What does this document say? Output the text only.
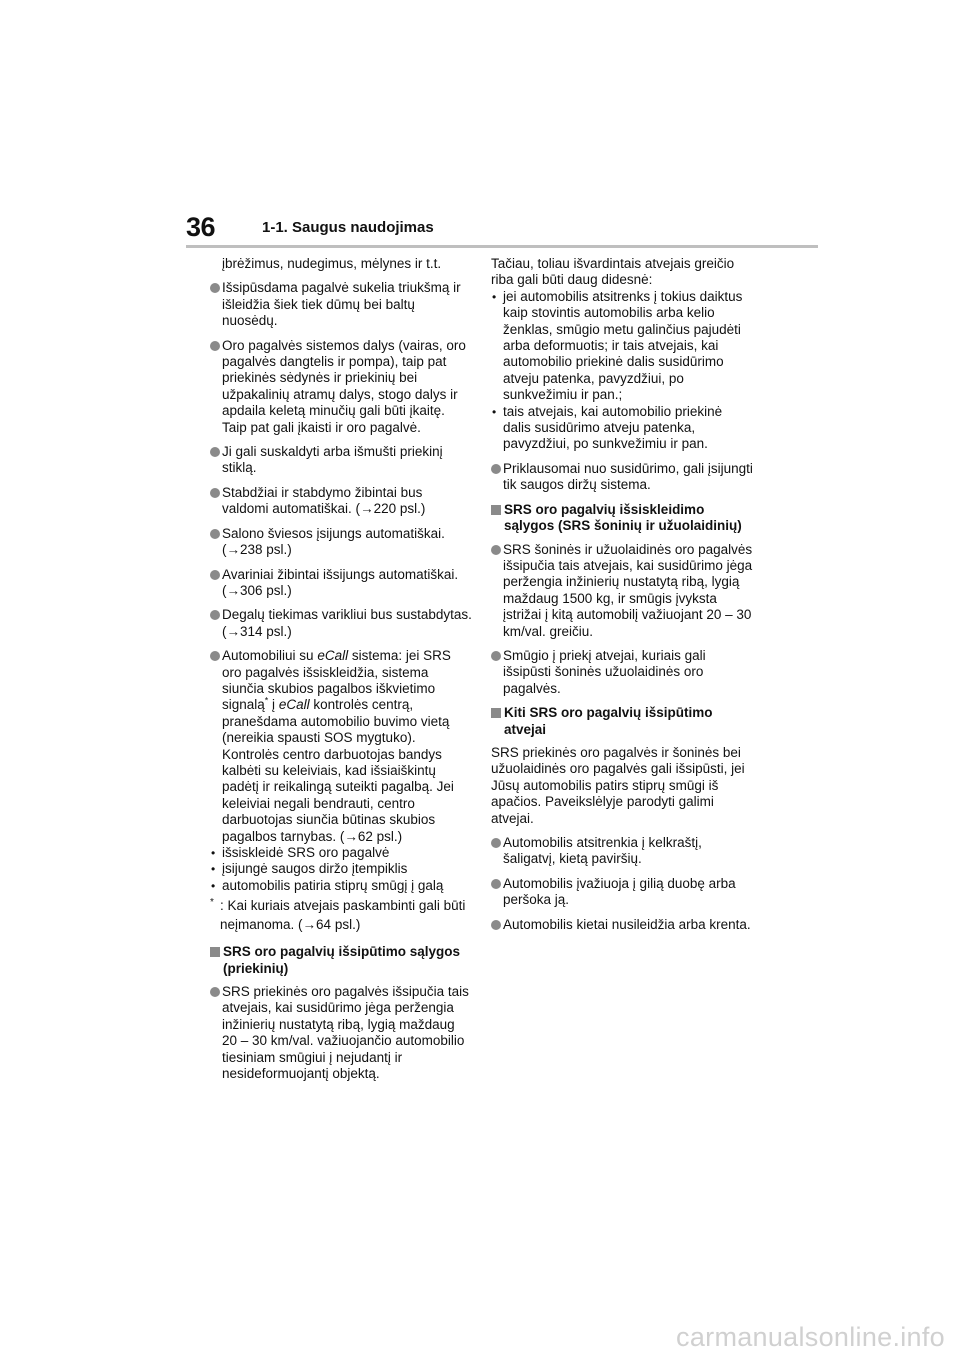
36	1-1. Saugus naudojimas

įbrėžimus, nudegimus, mėlynes ir t.t.

Išsipūsdama pagalvė sukelia triukšmą ir išleidžia šiek tiek dūmų bei baltų nuosėdų.
Oro pagalvės sistemos dalys (vairas, oro pagalvės dangtelis ir pompa), taip pat priekinės sėdynės ir priekinių bei užpakalinių atramų dalys, stogo dalys ir apdaila keletą minučių gali būti įkaitę. Taip pat gali įkaisti ir oro pagalvė.
Ji gali suskaldyti arba išmušti priekinį stiklą.
Stabdžiai ir stabdymo žibintai bus valdomi automatiškai. (→220 psl.)
Salono šviesos įsijungs automatiškai. (→238 psl.)
Avariniai žibintai išsijungs automatiškai. (→306 psl.)
Degalų tiekimas varikliui bus sustabdytas. (→314 psl.)
Automobiliui su eCall sistema: jei SRS oro pagalvės išsiskleidžia, sistema siunčia skubios pagalbos iškvietimo signalą* į eCall kontrolės centrą, pranešdama automobilio buvimo vietą (nereikia spausti SOS mygtuko). Kontrolės centro darbuotojas bandys kalbėti su keleiviais, kad išsiaiškintų padėtį ir reikalingą suteikti pagalbą. Jei keleiviai negali bendrauti, centro darbuotojas siunčia būtinas skubios pagalbos tarnybas. (→62 psl.)
• išsiskleidė SRS oro pagalvė
• įsijungė saugos diržo įtempiklis
• automobilis patiria stiprų smūgį į galą
* : Kai kuriais atvejais paskambinti gali būti neįmanoma. (→64 psl.)
SRS oro pagalvių išsipūtimo sąlygos (priekinių)
SRS priekinės oro pagalvės išsipučia tais atvejais, kai susidūrimo jėga peržengia inžinierių nustatytą ribą, lygią maždaug 20 – 30 km/val. važiuojančio automobilio tiesiniam smūgiui į nejudantį ir nesideformuojantį objektą.

Tačiau, toliau išvardintais atvejais greičio riba gali būti daug didesnė:

• jei automobilis atsitrenks į tokius daiktus kaip stovintis automobilis arba kelio ženklas, smūgio metu galinčius pajudėti arba deformuotis; ir tais atvejais, kai automobilio priekinė dalis susidūrimo atveju patenka, pavyzdžiui, po sunkvežimiu ir pan.;
• tais atvejais, kai automobilio priekinė dalis susidūrimo atveju patenka, pavyzdžiui, po sunkvežimiu ir pan.
Priklausomai nuo susidūrimo, gali įsijungti tik saugos diržų sistema.
SRS oro pagalvių išsiskleidimo sąlygos (SRS šoninių ir užuolaidinių)
SRS šoninės ir užuolaidinės oro pagalvės išsipučia tais atvejais, kai susidūrimo jėga peržengia inžinierių nustatytą ribą, lygią maždaug 1500 kg, ir smūgis įvyksta įstrižai į kitą automobilį važiuojant 20 – 30 km/val. greičiu.
Smūgio į priekį atvejai, kuriais gali išsipūsti šoninės užuolaidinės oro pagalvės.
Kiti SRS oro pagalvių išsipūtimo atvejai

SRS priekinės oro pagalvės ir šoninės bei užuolaidinės oro pagalvės gali išsipūsti, jei Jūsų automobilis patirs stiprų smūgi iš apačios. Paveikslėlyje parodyti galimi atvejai.

Automobilis atsitrenkia į kelkraštį, šaligatvį, kietą paviršių.
Automobilis įvažiuoja į gilią duobę arba peršoka ją.
Automobilis kietai nusileidžia arba krenta.
carmanualsonline.info
